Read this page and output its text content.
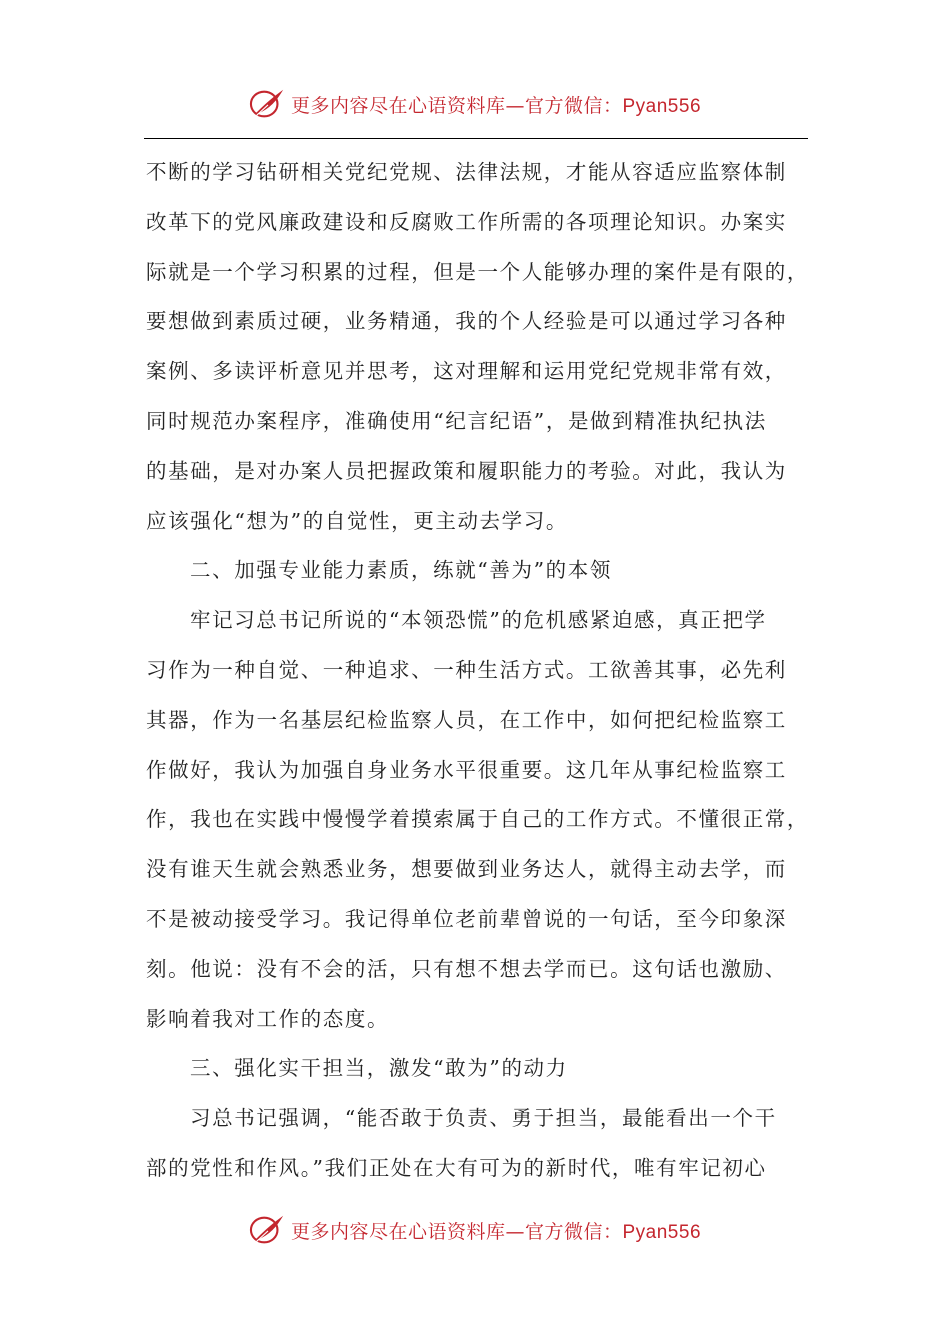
更多内容尽在心语资料库—官方微信：Pyan556
不断的学习钻研相关党纪党规、法律法规，才能从容适应监察体制
改革下的党风廉政建设和反腐败工作所需的各项理论知识。办案实
际就是一个学习积累的过程，但是一个人能够办理的案件是有限的，
要想做到素质过硬，业务精通，我的个人经验是可以通过学习各种
案例、多读评析意见并思考，这对理解和运用党纪党规非常有效，
同时规范办案程序，准确使用“纪言纪语”，是做到精准执纪执法
的基础，是对办案人员把握政策和履职能力的考验。对此，我认为
应该强化“想为”的自觉性，更主动去学习。
二、加强专业能力素质，练就“善为”的本领
牢记习总书记所说的“本领恐慌”的危机感紧迫感，真正把学
习作为一种自觉、一种追求、一种生活方式。工欲善其事，必先利
其器，作为一名基层纪检监察人员，在工作中，如何把纪检监察工
作做好，我认为加强自身业务水平很重要。这几年从事纪检监察工
作，我也在实践中慢慢学着摸索属于自己的工作方式。不懂很正常，
没有谁天生就会熟悉业务，想要做到业务达人，就得主动去学，而
不是被动接受学习。我记得单位老前辈曾说的一句话，至今印象深
刻。他说：没有不会的活，只有想不想去学而已。这句话也激励、
影响着我对工作的态度。
三、强化实干担当，激发“敢为”的动力
习总书记强调，“能否敢于负责、勇于担当，最能看出一个干
部的党性和作风。”我们正处在大有可为的新时代，唯有牢记初心
更多内容尽在心语资料库—官方微信：Pyan556
